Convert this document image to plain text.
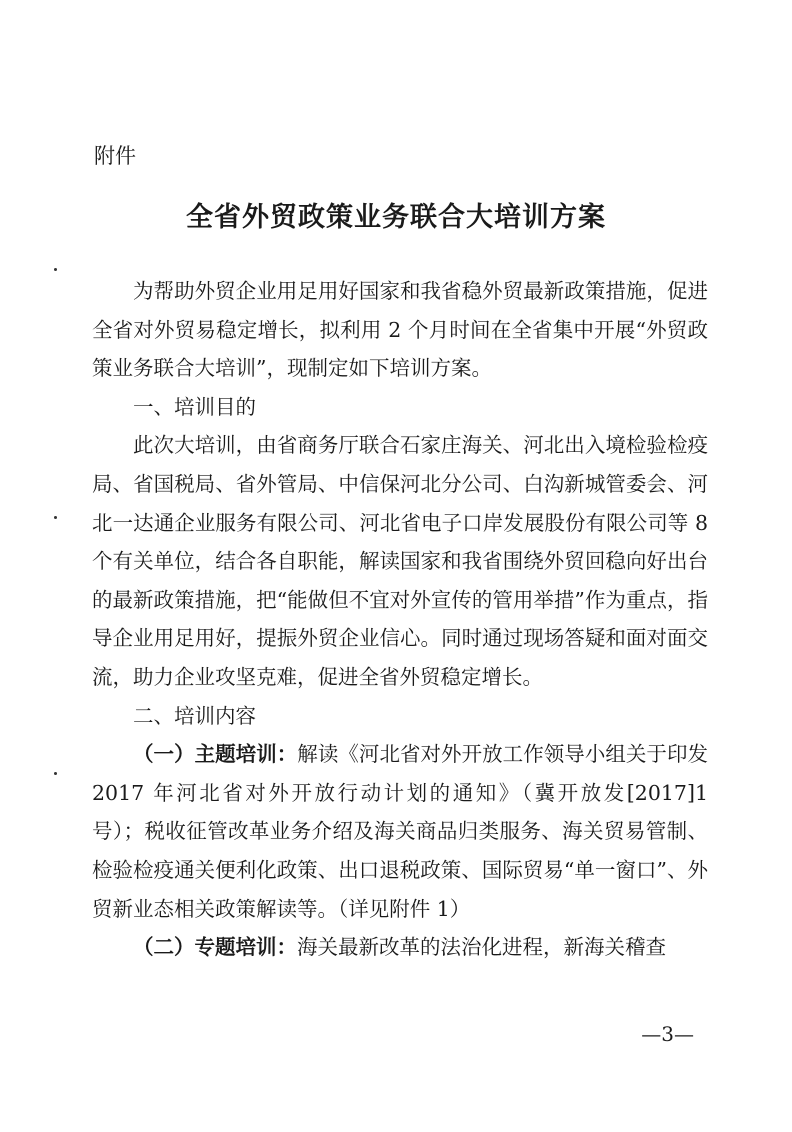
附件
全省外贸政策业务联合大培训方案

为帮助外贸企业用足用好国家和我省稳外贸最新政策措施，促进全省对外贸易稳定增长，拟利用 2 个月时间在全省集中开展“外贸政策业务联合大培训”，现制定如下培训方案。

一、培训目的

此次大培训，由省商务厅联合石家庄海关、河北出入境检验检疫局、省国税局、省外管局、中信保河北分公司、白沟新城管委会、河北一达通企业服务有限公司、河北省电子口岸发展股份有限公司等 8 个有关单位，结合各自职能，解读国家和我省围绕外贸回稳向好出台的最新政策措施，把“能做但不宜对外宣传的管用举措”作为重点，指导企业用足用好，提振外贸企业信心。同时通过现场答疑和面对面交流，助力企业攻坚克难，促进全省外贸稳定增长。

二、培训内容

（一）主题培训：解读《河北省对外开放工作领导小组关于印发 2017 年河北省对外开放行动计划的通知》（冀开放发[2017]1 号）；税收征管改革业务介绍及海关商品归类服务、海关贸易管制、检验检疫通关便利化政策、出口退税政策、国际贸易“单一窗口”、外贸新业态相关政策解读等。（详见附件 1）

（二）专题培训：海关最新改革的法治化进程，新海关稽查

—3—
